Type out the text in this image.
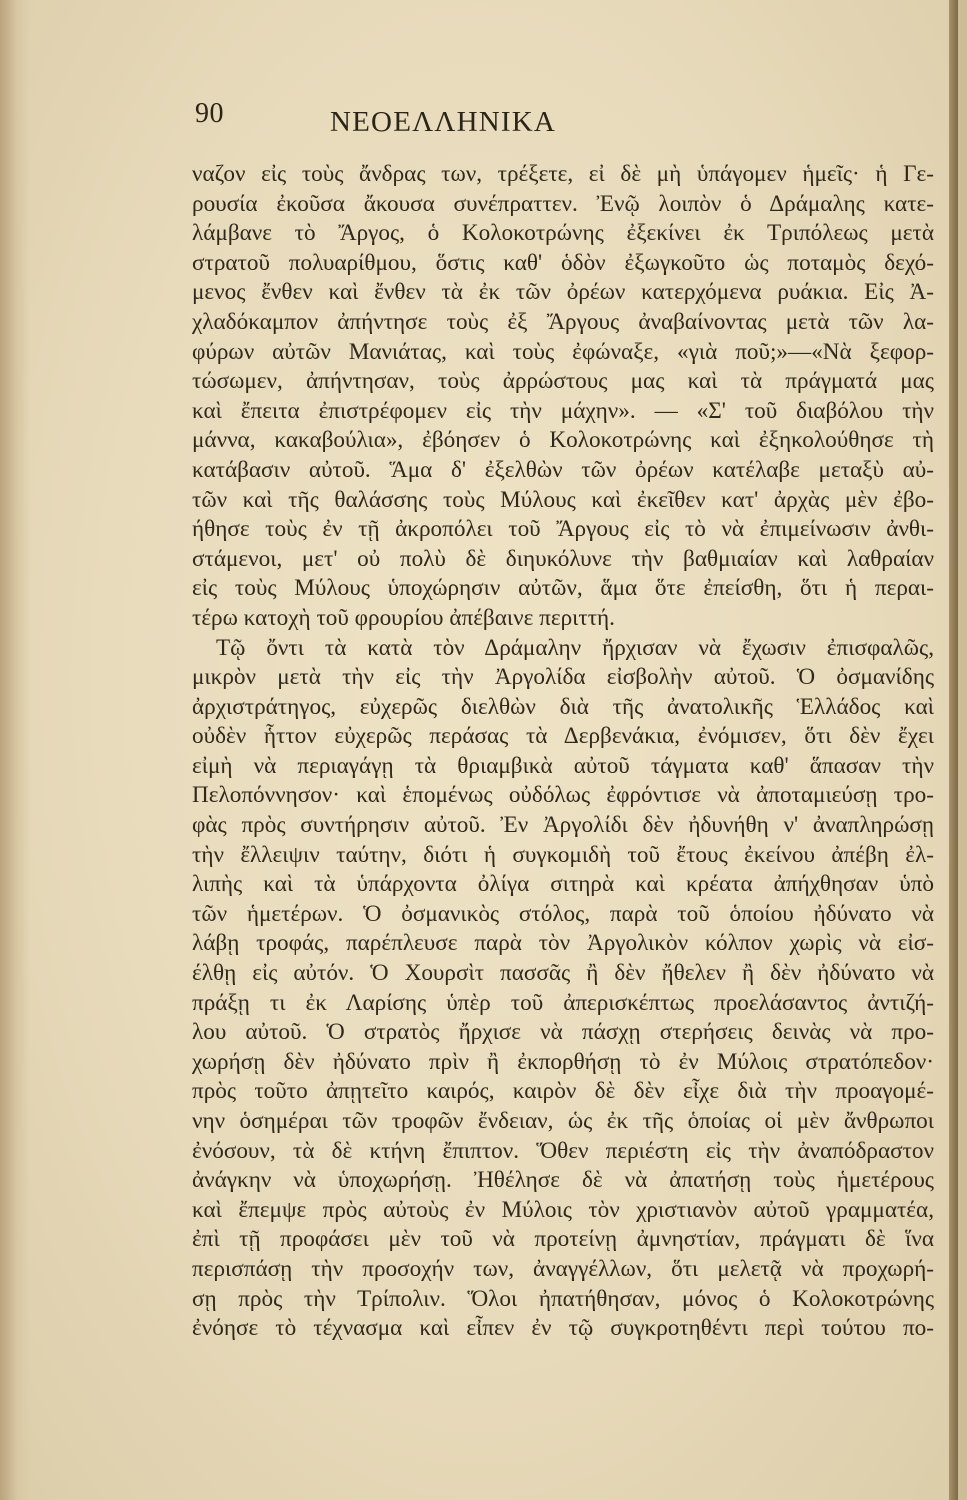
90	ΝΕΟΕΛΛΗΝΙΚΑ
ναζον εἰς τοὺς ἄνδρας των, τρέξετε, εἰ δὲ μὴ ὑπάγομεν ἡμεῖς· ἡ Γε-
ρουσία ἐκοῦσα ἄκουσα συνέπραττεν. Ἐνῷ λοιπὸν ὁ Δράμαλης κατε-
λάμβανε τὸ Ἄργος, ὁ Κολοκοτρώνης ἐξεκίνει ἐκ Τριπόλεως μετὰ
στρατοῦ πολυαρίθμου, ὅστις καθ' ὁδὸν ἐξωγκοῦτο ὡς ποταμὸς δεχό-
μενος ἔνθεν καὶ ἔνθεν τὰ ἐκ τῶν ὀρέων κατερχόμενα ρυάκια. Εἰς Ἀ-
χλαδόκαμπον ἀπήντησε τοὺς ἐξ Ἄργους ἀναβαίνοντας μετὰ τῶν λα-
φύρων αὐτῶν Μανιάτας, καὶ τοὺς ἐφώναξε, «γιὰ ποῦ;»—«Νὰ ξεφορ-
τώσωμεν, ἀπήντησαν, τοὺς ἀρρώστους μας καὶ τὰ πράγματά μας
καὶ ἔπειτα ἐπιστρέφομεν εἰς τὴν μάχην». — «Σ' τοῦ διαβόλου τὴν
μάννα, κακαβούλια», ἐβόησεν ὁ Κολοκοτρώνης καὶ ἐξηκολούθησε τὴ
κατάβασιν αὐτοῦ. Ἅμα δ' ἐξελθὼν τῶν ὀρέων κατέλαβε μεταξὺ αὐ-
τῶν καὶ τῆς θαλάσσης τοὺς Μύλους καὶ ἐκεῖθεν κατ' ἀρχὰς μὲν ἐβο-
ήθησε τοὺς ἐν τῇ ἀκροπόλει τοῦ Ἄργους εἰς τὸ νὰ ἐπιμείνωσιν ἀνθι-
στάμενοι, μετ' οὐ πολὺ δὲ διηυκόλυνε τὴν βαθμιαίαν καὶ λαθραίαν
εἰς τοὺς Μύλους ὑποχώρησιν αὐτῶν, ἅμα ὅτε ἐπείσθη, ὅτι ἡ περαι-
τέρω κατοχὴ τοῦ φρουρίου ἀπέβαινε περιττή.
Τῷ ὄντι τὰ κατὰ τὸν Δράμαλην ἤρχισαν νὰ ἔχωσιν ἐπισφαλῶς,
μικρὸν μετὰ τὴν εἰς τὴν Ἀργολίδα εἰσβολὴν αὐτοῦ. Ὁ ὀσμανίδης
ἀρχιστράτηγος, εὐχερῶς διελθὼν διὰ τῆς ἀνατολικῆς Ἑλλάδος καὶ
οὐδὲν ἧττον εὐχερῶς περάσας τὰ Δερβενάκια, ἐνόμισεν, ὅτι δὲν ἔχει
εἰμὴ νὰ περιαγάγῃ τὰ θριαμβικὰ αὐτοῦ τάγματα καθ' ἅπασαν τὴν
Πελοπόννησον· καὶ ἑπομένως οὐδόλως ἐφρόντισε νὰ ἀποταμιεύσῃ τρο-
φὰς πρὸς συντήρησιν αὐτοῦ. Ἐν Ἀργολίδι δὲν ἠδυνήθη ν' ἀναπληρώσῃ
τὴν ἔλλειψιν ταύτην, διότι ἡ συγκομιδὴ τοῦ ἔτους ἐκείνου ἀπέβη ἐλ-
λιπὴς καὶ τὰ ὑπάρχοντα ὀλίγα σιτηρὰ καὶ κρέατα ἀπήχθησαν ὑπὸ
τῶν ἡμετέρων. Ὁ ὀσμανικὸς στόλος, παρὰ τοῦ ὁποίου ἠδύνατο νὰ
λάβῃ τροφάς, παρέπλευσε παρὰ τὸν Ἀργολικὸν κόλπον χωρὶς νὰ εἰσ-
έλθῃ εἰς αὐτόν. Ὁ Χουρσὶτ πασσᾶς ἢ δὲν ἤθελεν ἢ δὲν ἠδύνατο νὰ
πράξῃ τι ἐκ Λαρίσης ὑπὲρ τοῦ ἀπερισκέπτως προελάσαντος ἀντιζή-
λου αὐτοῦ. Ὁ στρατὸς ἤρχισε νὰ πάσχῃ στερήσεις δεινὰς νὰ προ-
χωρήσῃ δὲν ἠδύνατο πρὶν ἢ ἐκπορθήσῃ τὸ ἐν Μύλοις στρατόπεδον·
πρὸς τοῦτο ἀπῃτεῖτο καιρός, καιρὸν δὲ δὲν εἶχε διὰ τὴν προαγομέ-
νην ὁσημέραι τῶν τροφῶν ἔνδειαν, ὡς ἐκ τῆς ὁποίας οἱ μὲν ἄνθρωποι
ἐνόσουν, τὰ δὲ κτήνη ἔπιπτον. Ὅθεν περιέστη εἰς τὴν ἀναπόδραστον
ἀνάγκην νὰ ὑποχωρήσῃ. Ἠθέλησε δὲ νὰ ἀπατήσῃ τοὺς ἡμετέρους
καὶ ἔπεμψε πρὸς αὐτοὺς ἐν Μύλοις τὸν χριστιανὸν αὐτοῦ γραμματέα,
ἐπὶ τῇ προφάσει μὲν τοῦ νὰ προτείνῃ ἀμνηστίαν, πράγματι δὲ ἵνα
περισπάσῃ τὴν προσοχήν των, ἀναγγέλλων, ὅτι μελετᾷ νὰ προχωρή-
σῃ πρὸς τὴν Τρίπολιν. Ὅλοι ἠπατήθησαν, μόνος ὁ Κολοκοτρώνης
ἐνόησε τὸ τέχνασμα καὶ εἶπεν ἐν τῷ συγκροτηθέντι περὶ τούτου πο-
